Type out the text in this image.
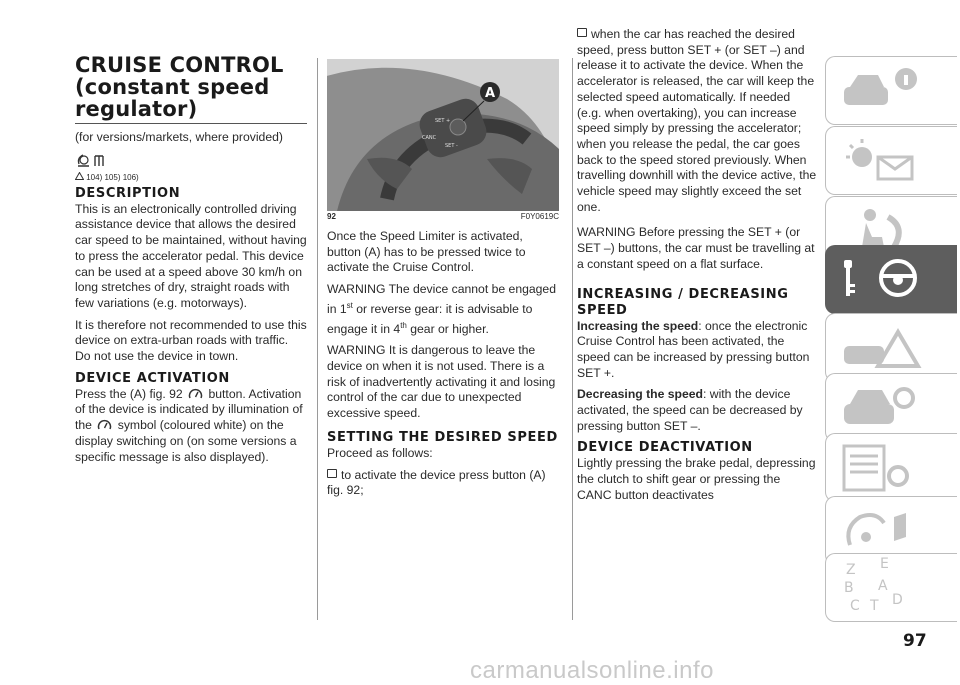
CRUISE CONTROL (constant speed regulator)

(for versions/markets, where provided)

104) 105) 106)
DESCRIPTION

This is an electronically controlled driving assistance device that allows the desired car speed to be maintained, without having to press the accelerator pedal. This device can be used at a speed above 30 km/h on long stretches of dry, straight roads with few variations (e.g. motorways).

It is therefore not recommended to use this device on extra-urban roads with traffic. Do not use the device in town.

DEVICE ACTIVATION

Press the (A) fig. 92 button. Activation of the device is indicated by illumination of the symbol (coloured white) on the display switching on (on some versions a specific message is also displayed).

SET +
CANC
SET -
A
92	F0Y0619C

Once the Speed Limiter is activated, button (A) has to be pressed twice to activate the Cruise Control.

WARNING The device cannot be engaged in 1st or reverse gear: it is advisable to engage it in 4th gear or higher.

WARNING It is dangerous to leave the device on when it is not used. There is a risk of inadvertently activating it and losing control of the car due to unexpected excessive speed.

SETTING THE DESIRED SPEED

Proceed as follows:

to activate the device press button (A) fig. 92;

when the car has reached the desired speed, press button SET + (or SET –) and release it to activate the device. When the accelerator is released, the car will keep the selected speed automatically. If needed (e.g. when overtaking), you can increase speed simply by pressing the accelerator; when you release the pedal, the car goes back to the speed stored previously. When travelling downhill with the device active, the vehicle speed may slightly exceed the set one.

WARNING Before pressing the SET + (or SET –) buttons, the car must be travelling at a constant speed on a flat surface.

INCREASING / DECREASING SPEED

Increasing the speed: once the electronic Cruise Control has been activated, the speed can be increased by pressing button SET +.

Decreasing the speed: with the device activated, the speed can be decreased by pressing button SET –.

DEVICE DEACTIVATION

Lightly pressing the brake pedal, depressing the clutch to shift gear or pressing the CANC button deactivates

Z E
B A
C T D
97
carmanualsonline.info
